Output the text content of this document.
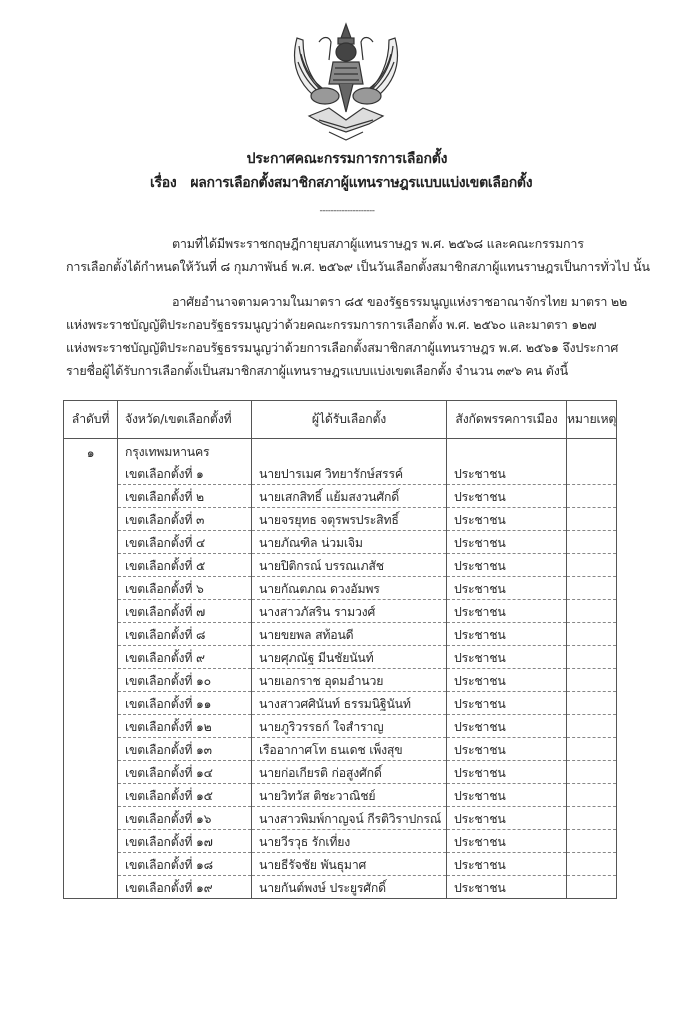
ประกาศคณะกรรมการการเลือกตั้ง
เรื่อง ผลการเลือกตั้งสมาชิกสภาผู้แทนราษฎรแบบแบ่งเขตเลือกตั้ง
--------------------
ตามที่ได้มีพระราชกฤษฎีกายุบสภาผู้แทนราษฎร พ.ศ. ๒๕๖๘ และคณะกรรมการ
การเลือกตั้งได้กำหนดให้วันที่ ๘ กุมภาพันธ์ พ.ศ. ๒๕๖๙ เป็นวันเลือกตั้งสมาชิกสภาผู้แทนราษฎรเป็นการทั่วไป นั้น
อาศัยอำนาจตามความในมาตรา ๘๕ ของรัฐธรรมนูญแห่งราชอาณาจักรไทย มาตรา ๒๒
แห่งพระราชบัญญัติประกอบรัฐธรรมนูญว่าด้วยคณะกรรมการการเลือกตั้ง พ.ศ. ๒๕๖๐ และมาตรา ๑๒๗
แห่งพระราชบัญญัติประกอบรัฐธรรมนูญว่าด้วยการเลือกตั้งสมาชิกสภาผู้แทนราษฎร พ.ศ. ๒๕๖๑ จึงประกาศ
รายชื่อผู้ได้รับการเลือกตั้งเป็นสมาชิกสภาผู้แทนราษฎรแบบแบ่งเขตเลือกตั้ง จำนวน ๓๙๖ คน ดังนี้
ลำดับที่	จังหวัด/เขตเลือกตั้งที่	ผู้ได้รับเลือกตั้ง	สังกัดพรรคการเมือง	หมายเหตุ
๑	กรุงเทพมหานคร			
	เขตเลือกตั้งที่ ๑	นายปารเมศ วิทยารักษ์สรรค์	ประชาชน	
	เขตเลือกตั้งที่ ๒	นายเสกสิทธิ์ แย้มสงวนศักดิ์	ประชาชน	
	เขตเลือกตั้งที่ ๓	นายจรยุทธ จตุรพรประสิทธิ์	ประชาชน	
	เขตเลือกตั้งที่ ๔	นายภัณฑิล น่วมเจิม	ประชาชน	
	เขตเลือกตั้งที่ ๕	นายปิติกรณ์ บรรณเภสัช	ประชาชน	
	เขตเลือกตั้งที่ ๖	นายกัณตภณ ดวงอัมพร	ประชาชน	
	เขตเลือกตั้งที่ ๗	นางสาวภัสริน รามวงศ์	ประชาชน	
	เขตเลือกตั้งที่ ๘	นายขยพล สท้อนดี	ประชาชน	
	เขตเลือกตั้งที่ ๙	นายศุภณัฐ มีนชัยนันท์	ประชาชน	
	เขตเลือกตั้งที่ ๑๐	นายเอกราช อุดมอำนวย	ประชาชน	
	เขตเลือกตั้งที่ ๑๑	นางสาวศศินันท์ ธรรมนิฐินันท์	ประชาชน	
	เขตเลือกตั้งที่ ๑๒	นายภูริวรรธก์ ใจสำราญ	ประชาชน	
	เขตเลือกตั้งที่ ๑๓	เรืออากาศโท ธนเดช เพ็งสุข	ประชาชน	
	เขตเลือกตั้งที่ ๑๔	นายก่อเกียรติ ก่อสูงศักดิ์	ประชาชน	
	เขตเลือกตั้งที่ ๑๕	นายวิทวัส ติชะวาณิชย์	ประชาชน	
	เขตเลือกตั้งที่ ๑๖	นางสาวพิมพ์กาญจน์ กีรติวิราปกรณ์	ประชาชน	
	เขตเลือกตั้งที่ ๑๗	นายวีรวุธ รักเที่ยง	ประชาชน	
	เขตเลือกตั้งที่ ๑๘	นายธีรัจชัย พันธุมาศ	ประชาชน	
	เขตเลือกตั้งที่ ๑๙	นายกันต์พงษ์ ประยูรศักดิ์	ประชาชน	
